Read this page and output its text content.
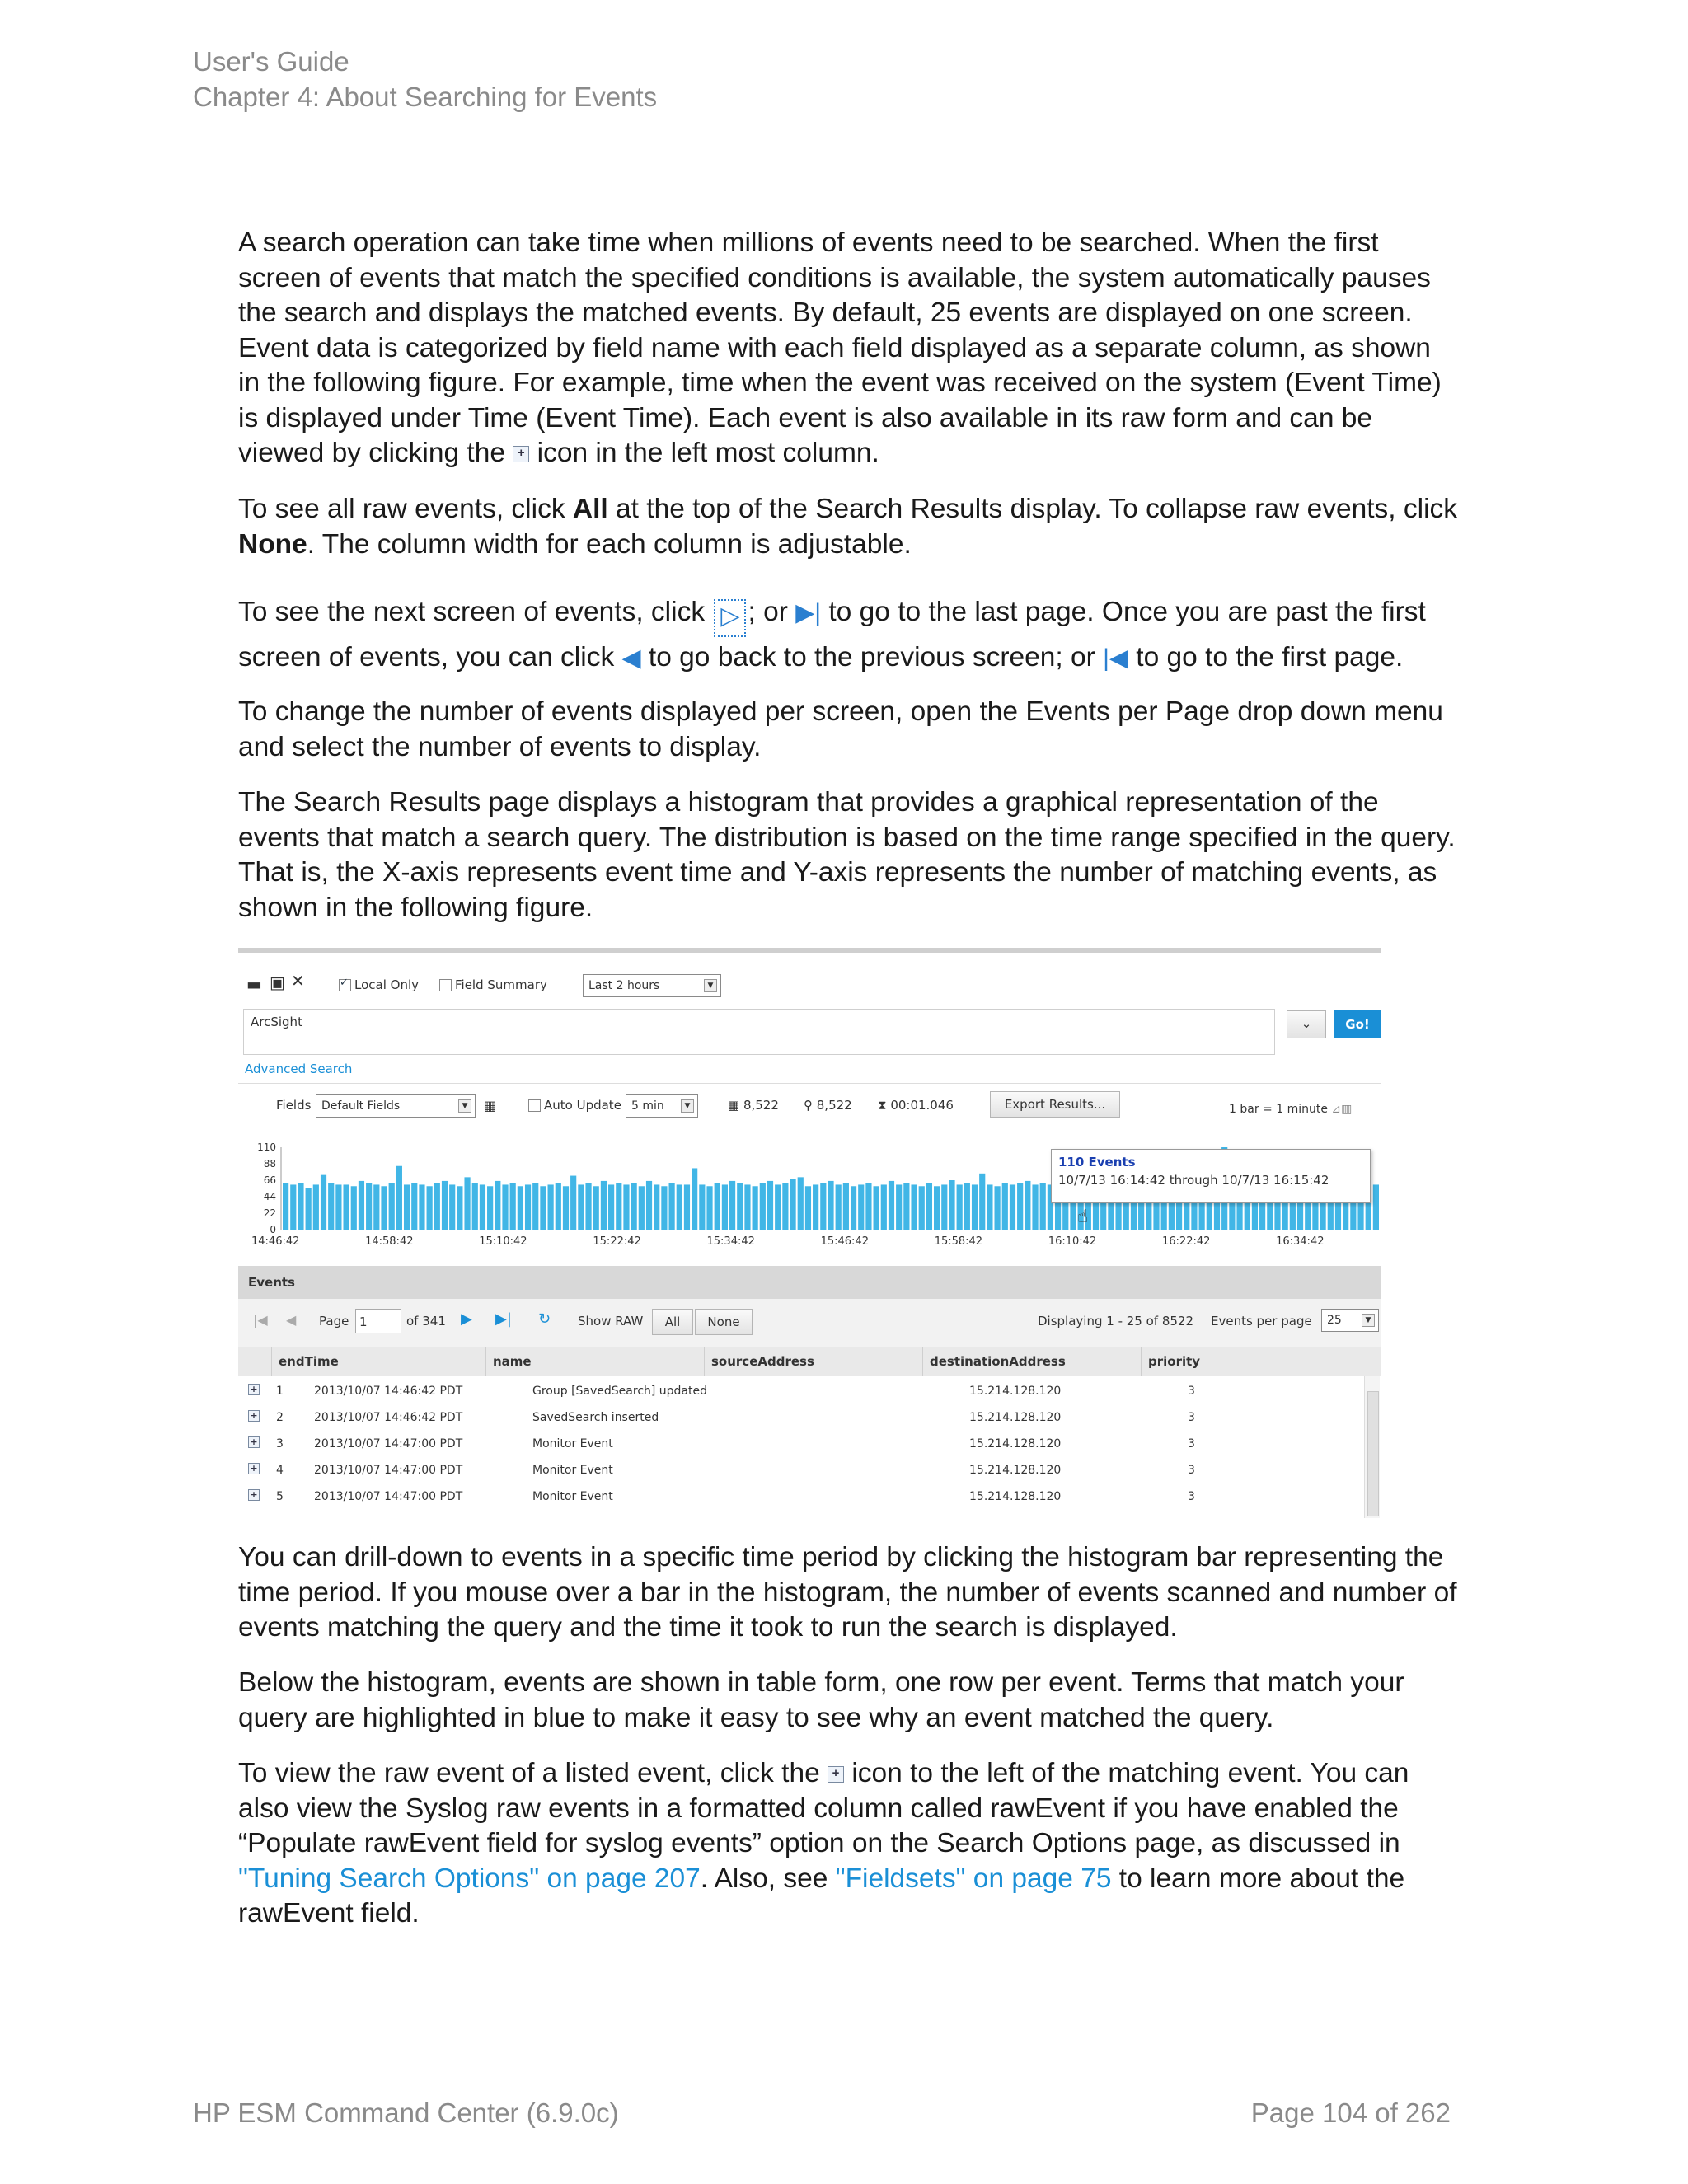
User's Guide
Chapter 4: About Searching for Events

A search operation can take time when millions of events need to be searched. When the first screen of events that match the specified conditions is available, the system automatically pauses the search and displays the matched events. By default, 25 events are displayed on one screen. Event data is categorized by field name with each field displayed as a separate column, as shown in the following figure. For example, time when the event was received on the system (Event Time) is displayed under Time (Event Time). Each event is also available in its raw form and can be viewed by clicking the + icon in the left most column.

To see all raw events, click All at the top of the Search Results display. To collapse raw events, click None. The column width for each column is adjustable.

To see the next screen of events, click ▷ ; or ▶| to go to the last page. Once you are past the first screen of events, you can click ◀ to go back to the previous screen; or |◀ to go to the first page.

To change the number of events displayed per screen, open the Events per Page drop down menu and select the number of events to display.

The Search Results page displays a histogram that provides a graphical representation of the events that match a search query. The distribution is based on the time range specified in the query. That is, the X-axis represents event time and Y-axis represents the number of matching events, as shown in the following figure.

▬ ▣ ✕
✓	Local Only	Field Summary	Last 2 hours	▼
ArcSight	⌄	Go!
Advanced Search
Fields Default Fields	▼ ▦	Auto Update 5 min	▼	▦ 8,522 ⚲ 8,522 ⧗ 00:01.046	Export Results...	1 bar = 1 minute ⊿▥
110
88
66
44
22
0
14:46:42	14:58:42	15:10:42	15:22:42	15:34:42	15:46:42	15:58:42	16:10:42	16:22:42	16:34:42
110 Events
10/7/13 16:14:42 through 10/7/13 16:15:42
☝
Events
|◀ ◀ Page 1	of 341 ▶ ▶| ↻ Show RAW	All	None	Displaying 1 - 25 of 8522 Events per page	25	▼
endTime	name	sourceAddress	destinationAddress	priority
+ 1	2013/10/07 14:46:42 PDT	Group [SavedSearch] updated	15.214.128.120	3
+ 2	2013/10/07 14:46:42 PDT	SavedSearch inserted	15.214.128.120	3
+ 3	2013/10/07 14:47:00 PDT	Monitor Event	15.214.128.120	3
+ 4	2013/10/07 14:47:00 PDT	Monitor Event	15.214.128.120	3
+ 5	2013/10/07 14:47:00 PDT	Monitor Event	15.214.128.120	3

You can drill-down to events in a specific time period by clicking the histogram bar representing the time period. If you mouse over a bar in the histogram, the number of events scanned and number of events matching the query and the time it took to run the search is displayed.

Below the histogram, events are shown in table form, one row per event. Terms that match your query are highlighted in blue to make it easy to see why an event matched the query.

To view the raw event of a listed event, click the + icon to the left of the matching event. You can also view the Syslog raw events in a formatted column called rawEvent if you have enabled the “Populate rawEvent field for syslog events” option on the Search Options page, as discussed in "Tuning Search Options" on page 207. Also, see "Fieldsets" on page 75 to learn more about the rawEvent field.

HP ESM Command Center (6.9.0c)	Page 104 of 262
